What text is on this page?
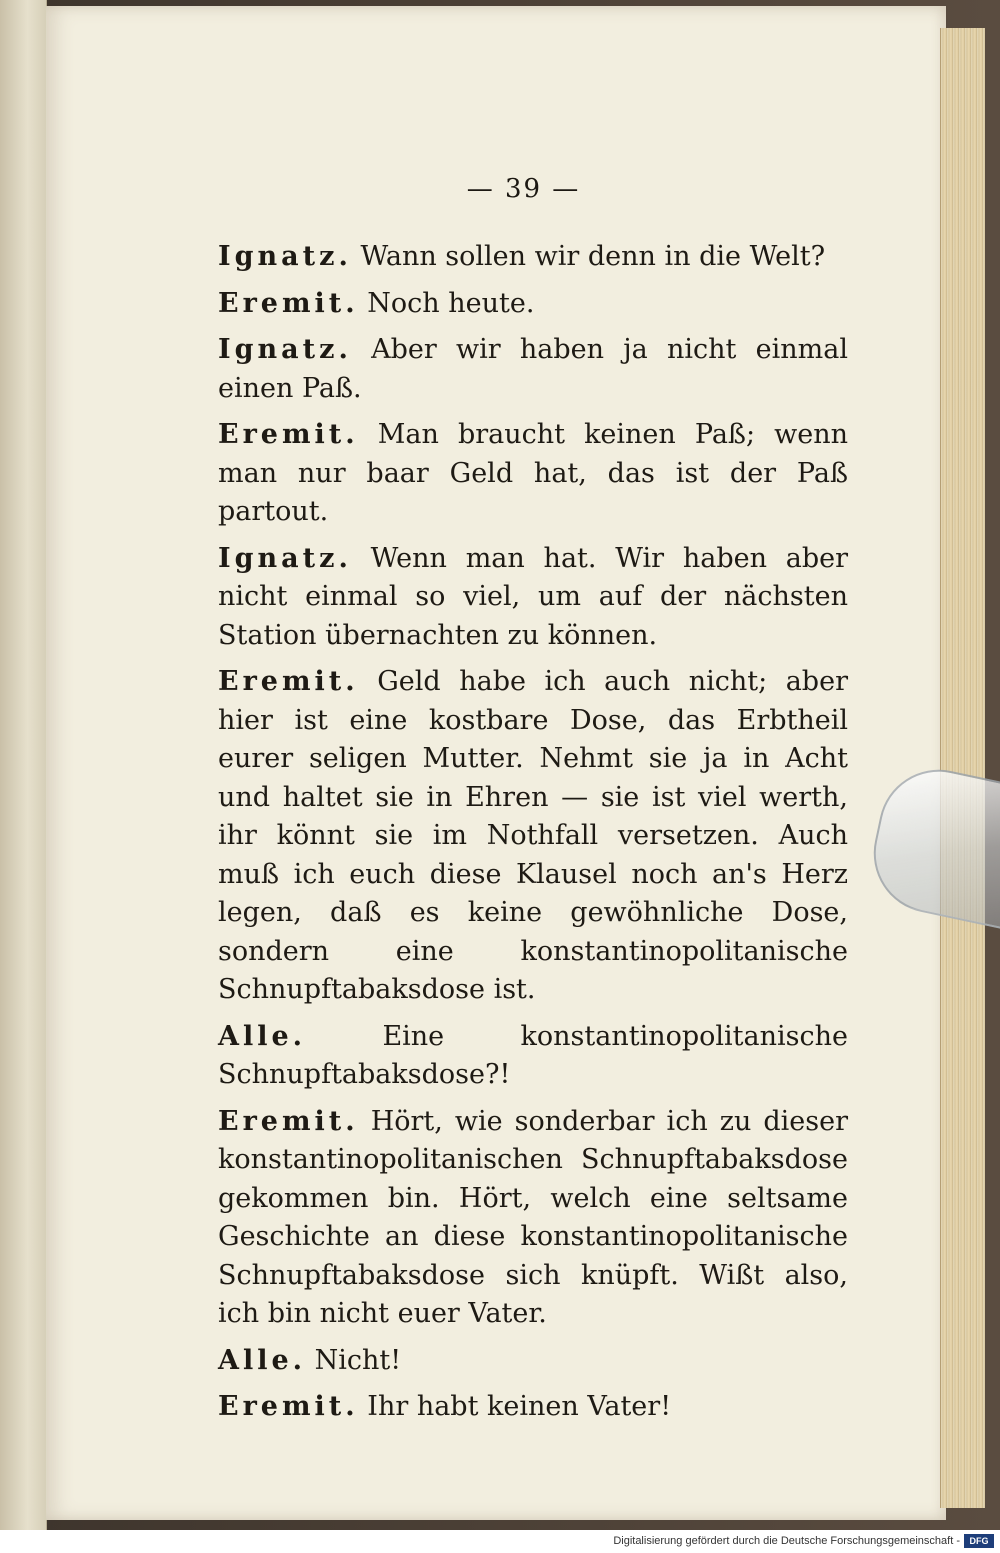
— 39 —

Ignatz. Wann sollen wir denn in die Welt?

Eremit. Noch heute.

Ignatz. Aber wir haben ja nicht einmal einen Paß.

Eremit. Man braucht keinen Paß; wenn man nur baar Geld hat, das ist der Paß partout.

Ignatz. Wenn man hat. Wir haben aber nicht einmal so viel, um auf der nächsten Station übernachten zu können.

Eremit. Geld habe ich auch nicht; aber hier ist eine kostbare Dose, das Erbtheil eurer seligen Mutter. Nehmt sie ja in Acht und haltet sie in Ehren — sie ist viel werth, ihr könnt sie im Nothfall versetzen. Auch muß ich euch diese Klausel noch an's Herz legen, daß es keine gewöhnliche Dose, sondern eine konstantinopolitanische Schnupftabaksdose ist.

Alle.	Eine konstantinopolitanische Schnupftabaksdose?!

Eremit. Hört, wie sonderbar ich zu dieser konstantinopolitanischen Schnupftabaksdose gekommen bin. Hört, welch eine seltsame Geschichte an diese konstantinopolitanische Schnupftabaksdose sich knüpft. Wißt also, ich bin nicht euer Vater.

Alle. Nicht!

Eremit. Ihr habt keinen Vater!

Digitalisierung gefördert durch die Deutsche Forschungsgemeinschaft -	DFG
